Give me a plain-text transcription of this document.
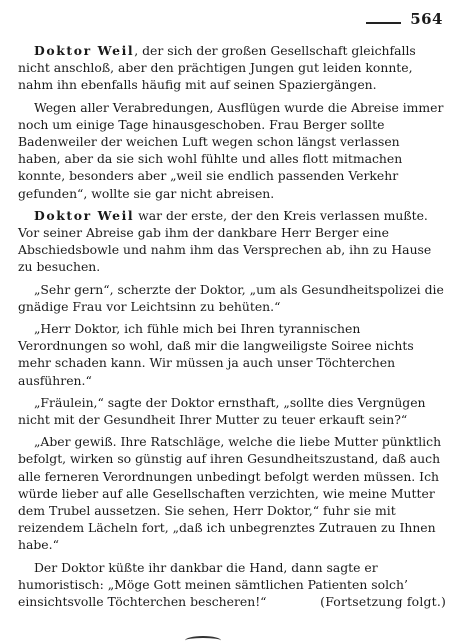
564

Doktor Weil, der sich der großen Gesellschaft gleichfalls nicht anschloß, aber den prächtigen Jungen gut leiden konnte, nahm ihn ebenfalls häufig mit auf seinen Spaziergängen.

Wegen aller Verabredungen, Ausflügen wurde die Abreise immer noch um einige Tage hinausgeschoben. Frau Berger sollte Badenweiler der weichen Luft wegen schon längst verlassen haben, aber da sie sich wohl fühlte und alles flott mitmachen konnte, besonders aber „weil sie endlich passenden Verkehr gefunden“, wollte sie gar nicht abreisen.

Doktor Weil war der erste, der den Kreis verlassen mußte. Vor seiner Abreise gab ihm der dankbare Herr Berger eine Abschiedsbowle und nahm ihm das Versprechen ab, ihn zu Hause zu besuchen.

„Sehr gern“, scherzte der Doktor, „um als Gesundheitspolizei die gnädige Frau vor Leichtsinn zu behüten.“

„Herr Doktor, ich fühle mich bei Ihren tyrannischen Verordnungen so wohl, daß mir die langweiligste Soiree nichts mehr schaden kann. Wir müssen ja auch unser Töchterchen ausführen.“

„Fräulein,“ sagte der Doktor ernsthaft, „sollte dies Vergnügen nicht mit der Gesundheit Ihrer Mutter zu teuer erkauft sein?“

„Aber gewiß. Ihre Ratschläge, welche die liebe Mutter pünktlich befolgt, wirken so günstig auf ihren Gesundheitszustand, daß auch alle ferneren Verordnungen unbedingt befolgt werden müssen. Ich würde lieber auf alle Gesellschaften verzichten, wie meine Mutter dem Trubel aussetzen. Sie sehen, Herr Doktor,“ fuhr sie mit reizendem Lächeln fort, „daß ich unbegrenztes Zutrauen zu Ihnen habe.“

Der Doktor küßte ihr dankbar die Hand, dann sagte er humoristisch: „Möge Gott meinen sämtlichen Patienten solch’ einsichtsvolle Töchterchen bescheren!“	(Fortsetzung folgt.)
